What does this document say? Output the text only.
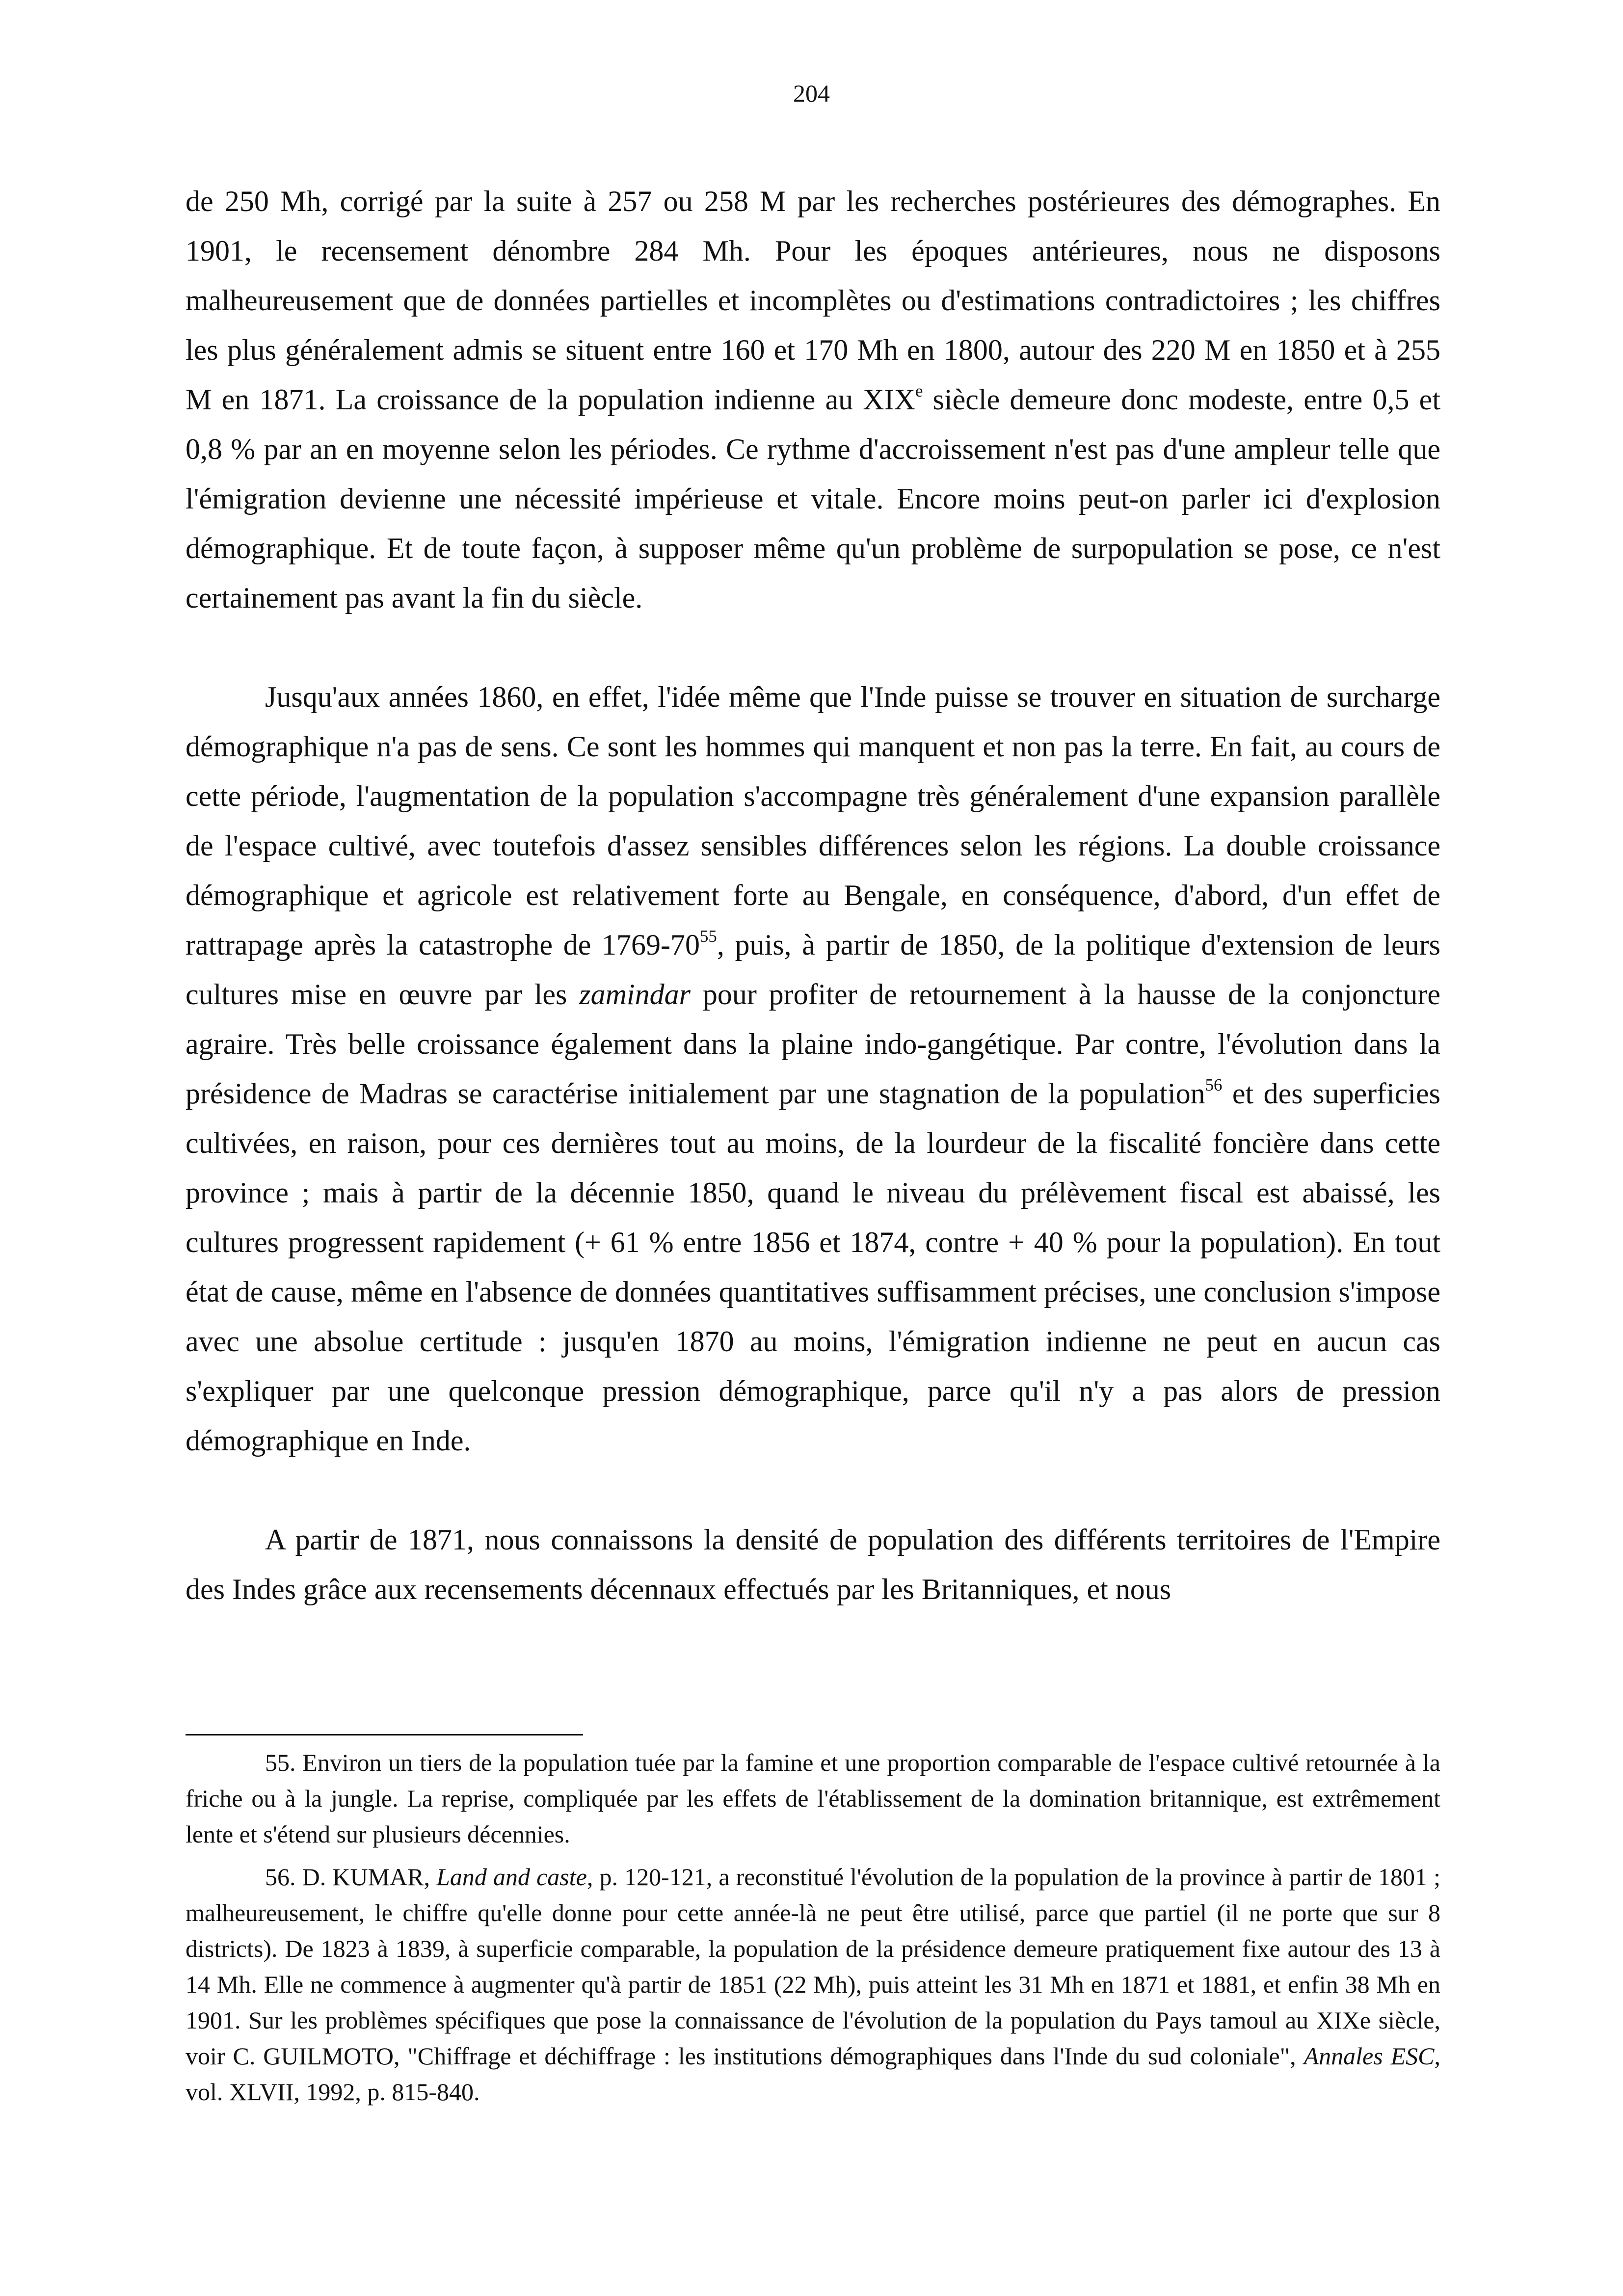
204

de 250 Mh, corrigé par la suite à 257 ou 258 M par les recherches postérieures des démographes. En 1901, le recensement dénombre 284 Mh. Pour les époques antérieures, nous ne disposons malheureusement que de données partielles et incomplètes ou d'estimations contradictoires ; les chiffres les plus généralement admis se situent entre 160 et 170 Mh en 1800, autour des 220 M en 1850 et à 255 M en 1871. La croissance de la population indienne au XIXe siècle demeure donc modeste, entre 0,5 et 0,8 % par an en moyenne selon les périodes. Ce rythme d'accroissement n'est pas d'une ampleur telle que l'émigration devienne une nécessité impérieuse et vitale. Encore moins peut-on parler ici d'explosion démographique. Et de toute façon, à supposer même qu'un problème de surpopulation se pose, ce n'est certainement pas avant la fin du siècle.

Jusqu'aux années 1860, en effet, l'idée même que l'Inde puisse se trouver en situation de surcharge démographique n'a pas de sens. Ce sont les hommes qui manquent et non pas la terre. En fait, au cours de cette période, l'augmentation de la population s'accompagne très généralement d'une expansion parallèle de l'espace cultivé, avec toutefois d'assez sensibles différences selon les régions. La double croissance démographique et agricole est relativement forte au Bengale, en conséquence, d'abord, d'un effet de rattrapage après la catastrophe de $1769-70^{55}$, puis, à partir de 1850, de la politique d'extension de leurs cultures mise en œuvre par les zamindar pour profiter de retournement à la hausse de la conjoncture agraire. Très belle croissance également dans la plaine indo-gangétique. Par contre, l'évolution dans la présidence de Madras se caractérise initialement par une stagnation de la population$^{56}$ et des superficies cultivées, en raison, pour ces dernières tout au moins, de la lourdeur de la fiscalité foncière dans cette province ; mais à partir de la décennie 1850, quand le niveau du prélèvement fiscal est abaissé, les cultures progressent rapidement (+ 61 % entre 1856 et 1874, contre + 40 % pour la population). En tout état de cause, même en l'absence de données quantitatives suffisamment précises, une conclusion s'impose avec une absolue certitude : jusqu'en 1870 au moins, l'émigration indienne ne peut en aucun cas s'expliquer par une quelconque pression démographique, parce qu'il n'y a pas alors de pression démographique en Inde.

A partir de 1871, nous connaissons la densité de population des différents territoires de l'Empire des Indes grâce aux recensements décennaux effectués par les Britanniques, et nous

55. Environ un tiers de la population tuée par la famine et une proportion comparable de l'espace cultivé retournée à la friche ou à la jungle. La reprise, compliquée par les effets de l'établissement de la domination britannique, est extrêmement lente et s'étend sur plusieurs décennies.

56. D. KUMAR, Land and caste, p. 120-121, a reconstitué l'évolution de la population de la province à partir de 1801 ; malheureusement, le chiffre qu'elle donne pour cette année-là ne peut être utilisé, parce que partiel (il ne porte que sur 8 districts). De 1823 à 1839, à superficie comparable, la population de la présidence demeure pratiquement fixe autour des 13 à 14 Mh. Elle ne commence à augmenter qu'à partir de 1851 (22 Mh), puis atteint les 31 Mh en 1871 et 1881, et enfin 38 Mh en 1901. Sur les problèmes spécifiques que pose la connaissance de l'évolution de la population du Pays tamoul au XIXe siècle, voir C. GUILMOTO, "Chiffrage et déchiffrage : les institutions démographiques dans l'Inde du sud coloniale", Annales ESC, vol. XLVII, 1992, p. 815-840.
